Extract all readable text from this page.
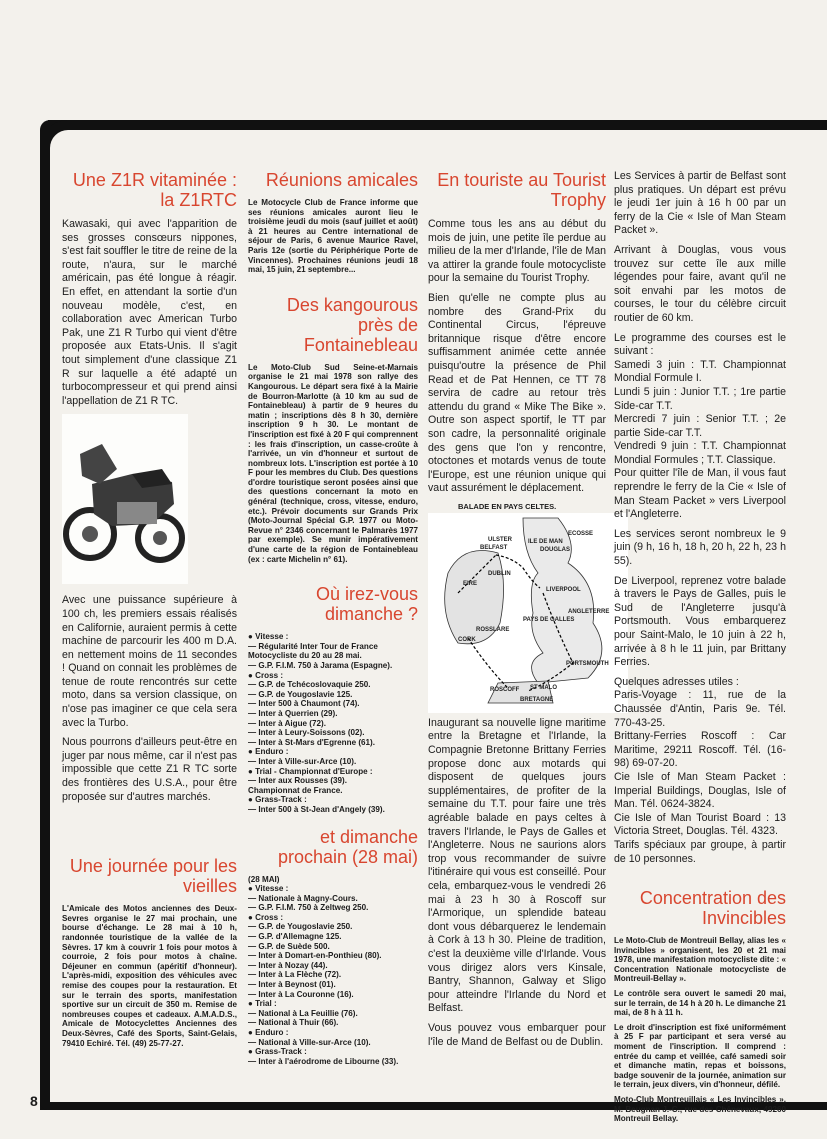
8
Une Z1R vitaminée : la Z1RTC

Kawasaki, qui avec l'apparition de ses grosses consœurs nippones, s'est fait souffler le titre de reine de la route, n'aura, sur le marché américain, pas été longue à réagir. En effet, en attendant la sortie d'un nouveau modèle, c'est, en collaboration avec American Turbo Pak, une Z1 R Turbo qui vient d'être proposée aux Etats-Unis. Il s'agit tout simplement d'une classique Z1 R sur laquelle a été adapté un turbocompresseur et qui prend ainsi l'appellation de Z1 R TC.

Avec une puissance supérieure à 100 ch, les premiers essais réalisés en Californie, auraient permis à cette machine de parcourir les 400 m D.A. en nettement moins de 11 secondes ! Quand on connait les problèmes de tenue de route rencontrés sur cette moto, dans sa version classique, on n'ose pas imaginer ce que cela sera avec la Turbo.

Nous pourrons d'ailleurs peut-être en juger par nous même, car il n'est pas impossible que cette Z1 R TC sorte des frontières des U.S.A., pour être proposée sur d'autres marchés.

Une journée pour les vieilles

L'Amicale des Motos anciennes des Deux-Sevres organise le 27 mai prochain, une bourse d'échange. Le 28 mai à 10 h, randonnée touristique de la vallée de la Sèvres. 17 km à couvrir 1 fois pour motos à courroie, 2 fois pour motos à chaîne. Déjeuner en commun (apéritif d'honneur). L'après-midi, exposition des véhicules avec remise des coupes pour la restauration. Et sur le terrain des sports, manifestation sportive sur un circuit de 350 m. Remise de nombreuses coupes et cadeaux. A.M.A.D.S., Amicale de Motocyclettes Anciennes des Deux-Sèvres, Café des Sports, Saint-Gelais, 79410 Echiré. Tél. (49) 25-77-27.

Réunions amicales

Le Motocycle Club de France informe que ses réunions amicales auront lieu le troisième jeudi du mois (sauf juillet et août) à 21 heures au Centre international de séjour de Paris, 6 avenue Maurice Ravel, Paris 12e (sortie du Périphérique Porte de Vincennes). Prochaines réunions jeudi 18 mai, 15 juin, 21 septembre...

Des kangourous près de Fontainebleau

Le Moto-Club Sud Seine-et-Marnais organise le 21 mai 1978 son rallye des Kangourous. Le départ sera fixé à la Mairie de Bourron-Marlotte (à 10 km au sud de Fontainebleau) à partir de 9 heures du matin ; inscriptions dès 8 h 30, dernière inscription 9 h 30. Le montant de l'inscription est fixé à 20 F qui comprennent : les frais d'inscription, un casse-croûte à l'arrivée, un vin d'honneur et surtout de nombreux lots. L'inscription est portée à 10 F pour les membres du Club. Des questions d'ordre touristique seront posées ainsi que des questions concernant la moto en général (technique, cross, vitesse, enduro, etc.). Prévoir documents sur Grands Prix (Moto-Journal Spécial G.P. 1977 ou Moto-Revue n° 2346 concernant le Palmarès 1977 par exemple). Se munir impérativement d'une carte de la région de Fontainebleau (ex : carte Michelin n° 61).

Où irez-vous dimanche ?
● Vitesse :
— Régularité Inter Tour de France Motocycliste du 20 au 28 mai.
— G.P. F.I.M. 750 à Jarama (Espagne).
● Cross :
— G.P. de Tchécoslovaquie 250.
— G.P. de Yougoslavie 125.
— Inter 500 à Chaumont (74).
— Inter à Querrien (29).
— Inter à Aigue (72).
— Inter à Leury-Soissons (02).
— Inter à St-Mars d'Egrenne (61).
● Enduro :
— Inter à Ville-sur-Arce (10).
● Trial - Championnat d'Europe :
— Inter aux Rousses (39).
Championnat de France.
● Grass-Track :
— Inter 500 à St-Jean d'Angely (39).
et dimanche prochain (28 mai)
(28 MAI)
● Vitesse :
— Nationale à Magny-Cours.
— G.P. F.I.M. 750 à Zeltweg 250.
● Cross :
— G.P. de Yougoslavie 250.
— G.P. d'Allemagne 125.
— G.P. de Suède 500.
— Inter à Domart-en-Ponthieu (80).
— Inter à Nozay (44).
— Inter à La Flèche (72).
— Inter à Beynost (01).
— Inter à La Couronne (16).
● Trial :
— National à La Feuillie (76).
— National à Thuir (66).
● Enduro :
— National à Ville-sur-Arce (10).
● Grass-Track :
— Inter à l'aérodrome de Libourne (33).
En touriste au Tourist Trophy

Comme tous les ans au début du mois de juin, une petite île perdue au milieu de la mer d'Irlande, l'île de Man va attirer la grande foule motocycliste pour la semaine du Tourist Trophy.

Bien qu'elle ne compte plus au nombre des Grand-Prix du Continental Circus, l'épreuve britannique risque d'être encore suffisamment animée cette année puisqu'outre la présence de Phil Read et de Pat Hennen, ce TT 78 servira de cadre au retour très attendu du grand « Mike The Bike ». Outre son aspect sportif, le TT par son cadre, la personnalité originale des gens que l'on y rencontre, otoctones et motards venus de toute l'Europe, est une réunion unique qui vaut assurément le déplacement.

BALADE EN PAYS CELTES.
ULSTER
BELFAST
ILE DE MAN
DOUGLAS
ECOSSE
EIRE
DUBLIN
LIVERPOOL
ANGLETERRE
PAYS DE GALLES
CORK
ROSSLARE
ROSCOFF ST MALO
PORTSMOUTH
BRETAGNE

Inaugurant sa nouvelle ligne maritime entre la Bretagne et l'Irlande, la Compagnie Bretonne Brittany Ferries propose donc aux motards qui disposent de quelques jours supplémentaires, de profiter de la semaine du T.T. pour faire une très agréable balade en pays celtes à travers l'Irlande, le Pays de Galles et l'Angleterre. Nous ne saurions alors trop vous recommander de suivre l'itinéraire qui vous est conseillé. Pour cela, embarquez-vous le vendredi 26 mai à 23 h 30 à Roscoff sur l'Armorique, un splendide bateau dont vous débarquerez le lendemain à Cork à 13 h 30. Pleine de tradition, c'est la deuxième ville d'Irlande. Vous vous dirigez alors vers Kinsale, Bantry, Shannon, Galway et Sligo pour atteindre l'Irlande du Nord et Belfast.

Vous pouvez vous embarquer pour l'île de Mand de Belfast ou de Dublin.

Les Services à partir de Belfast sont plus pratiques. Un départ est prévu le jeudi 1er juin à 16 h 00 par un ferry de la Cie « Isle of Man Steam Packet ».

Arrivant à Douglas, vous vous trouvez sur cette île aux mille légendes pour faire, avant qu'il ne soit envahi par les motos de courses, le tour du célèbre circuit routier de 60 km.

Le programme des courses est le suivant :

Samedi 3 juin : T.T. Championnat Mondial Formule I.

Lundi 5 juin : Junior T.T. ; 1re partie Side-car T.T.

Mercredi 7 juin : Senior T.T. ; 2e partie Side-car T.T.

Vendredi 9 juin : T.T. Championnat Mondial Formules ; T.T. Classique.

Pour quitter l'île de Man, il vous faut reprendre le ferry de la Cie « Isle of Man Steam Packet » vers Liverpool et l'Angleterre.

Les services seront nombreux le 9 juin (9 h, 16 h, 18 h, 20 h, 22 h, 23 h 55).

De Liverpool, reprenez votre balade à travers le Pays de Galles, puis le Sud de l'Angleterre jusqu'à Portsmouth. Vous embarquerez pour Saint-Malo, le 10 juin à 22 h, arrivée à 8 h le 11 juin, par Brittany Ferries.

Quelques adresses utiles :

Paris-Voyage : 11, rue de la Chaussée d'Antin, Paris 9e. Tél. 770-43-25.

Brittany-Ferries Roscoff : Car Maritime, 29211 Roscoff. Tél. (16-98) 69-07-20.

Cie Isle of Man Steam Packet : Imperial Buildings, Douglas, Isle of Man. Tél. 0624-3824.

Cie Isle of Man Tourist Board : 13 Victoria Street, Douglas. Tél. 4323.

Tarifs spéciaux par groupe, à partir de 10 personnes.

Concentration des Invincibles

Le Moto-Club de Montreuil Bellay, alias les « Invincibles » organisent, les 20 et 21 mai 1978, une manifestation motocycliste dite : « Concentration Nationale motocycliste de Montreuil-Bellay ».

Le contrôle sera ouvert le samedi 20 mai, sur le terrain, de 14 h à 20 h. Le dimanche 21 mai, de 8 h à 11 h.

Le droit d'inscription est fixé uniformément à 25 F par participant et sera versé au moment de l'inscription. Il comprend : entrée du camp et veillée, café samedi soir et dimanche matin, repas et boissons, badge souvenir de la journée, animation sur le terrain, jeux divers, vin d'honneur, défilé.

Moto-Club Montreuillais « Les Invincibles », M. Beugnan J.-C., rue des Chênevaux, 49260 Montreuil Bellay.
